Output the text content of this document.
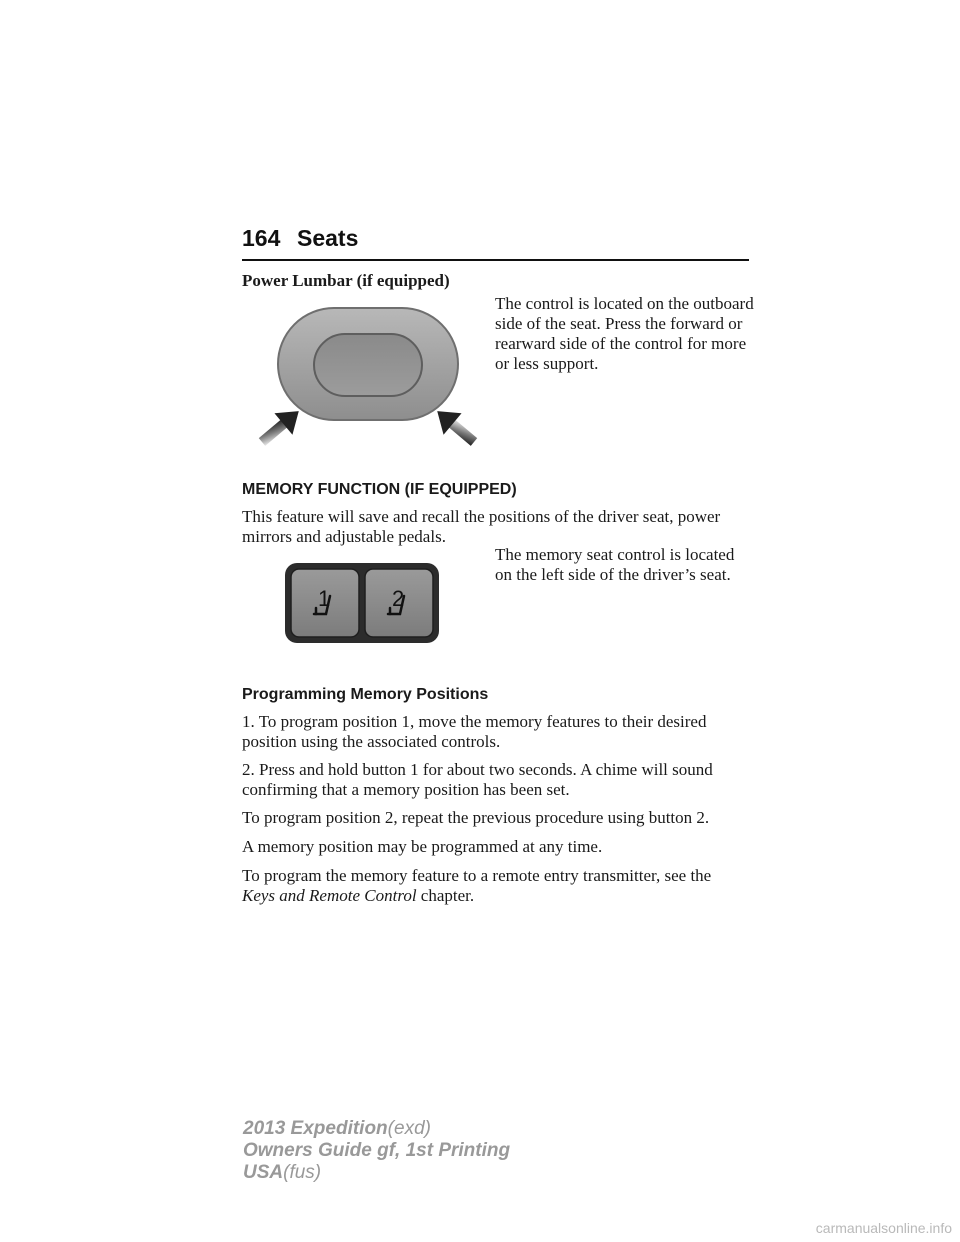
164 Seats
Power Lumbar (if equipped)
The control is located on the outboard side of the seat. Press the forward or rearward side of the control for more or less support.
MEMORY FUNCTION (IF EQUIPPED)
This feature will save and recall the positions of the driver seat, power mirrors and adjustable pedals.
1	2
The memory seat control is located on the left side of the driver’s seat.
Programming Memory Positions
1. To program position 1, move the memory features to their desired position using the associated controls.
2. Press and hold button 1 for about two seconds. A chime will sound confirming that a memory position has been set.
To program position 2, repeat the previous procedure using button 2.
A memory position may be programmed at any time.
To program the memory feature to a remote entry transmitter, see the
Keys and Remote Control chapter.
2013 Expedition(exd)
Owners Guide gf, 1st Printing
USA(fus)
carmanualsonline.info
